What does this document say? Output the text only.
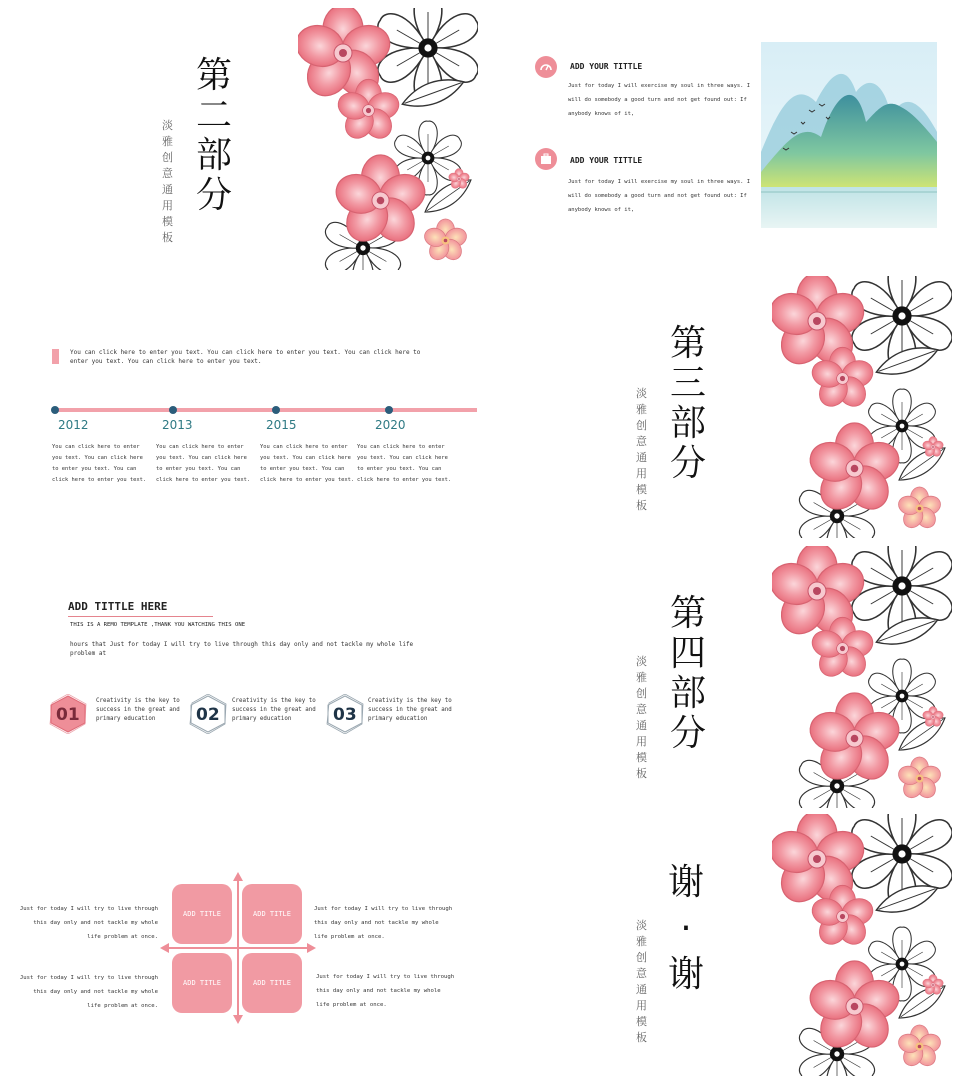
第
二
部
分
淡
雅
创
意
通
用
模
板
ADD YOUR TITTLE
Just for today I will exercise my soul in three ways. I
will do somebody a good turn and not get found out: If
anybody knows of it,
ADD YOUR TITTLE
Just for today I will exercise my soul in three ways. I
will do somebody a good turn and not get found out: If
anybody knows of it,
You can click here to enter you text. You can click here to enter you text. You can click here to
enter you text. You can click here to enter you text.
2012	2013	2015	2020
You can click here to enter
you text. You can click here
to enter you text. You can
click here to enter you text.
You can click here to enter
you text. You can click here
to enter you text. You can
click here to enter you text.
You can click here to enter
you text. You can click here
to enter you text. You can
click here to enter you text.
You can click here to enter
you text. You can click here
to enter you text. You can
click here to enter you text.
第
三
部
分
淡
雅
创
意
通
用
模
板
ADD TITTLE HERE
THIS IS A REMO TEMPLATE ,THANK YOU WATCHING THIS ONE
hours that Just for today I will try to live through this day only and not tackle my whole life
problem at
01
Creativity is the key to
success in the great and
primary education	02
Creativity is the key to
success in the great and
primary education	03
Creativity is the key to
success in the great and
primary education
第
四
部
分
淡
雅
创
意
通
用
模
板
ADD TITLE	ADD TITLE
ADD TITLE	ADD TITLE
Just for today I will try to live through
this day only and not tackle my whole
life problem at once.
Just for today I will try to live through
this day only and not tackle my whole
life problem at once.
Just for today I will try to live through
this day only and not tackle my whole
life problem at once.
Just for today I will try to live through
this day only and not tackle my whole
life problem at once.
谢
·
谢
淡
雅
创
意
通
用
模
板
